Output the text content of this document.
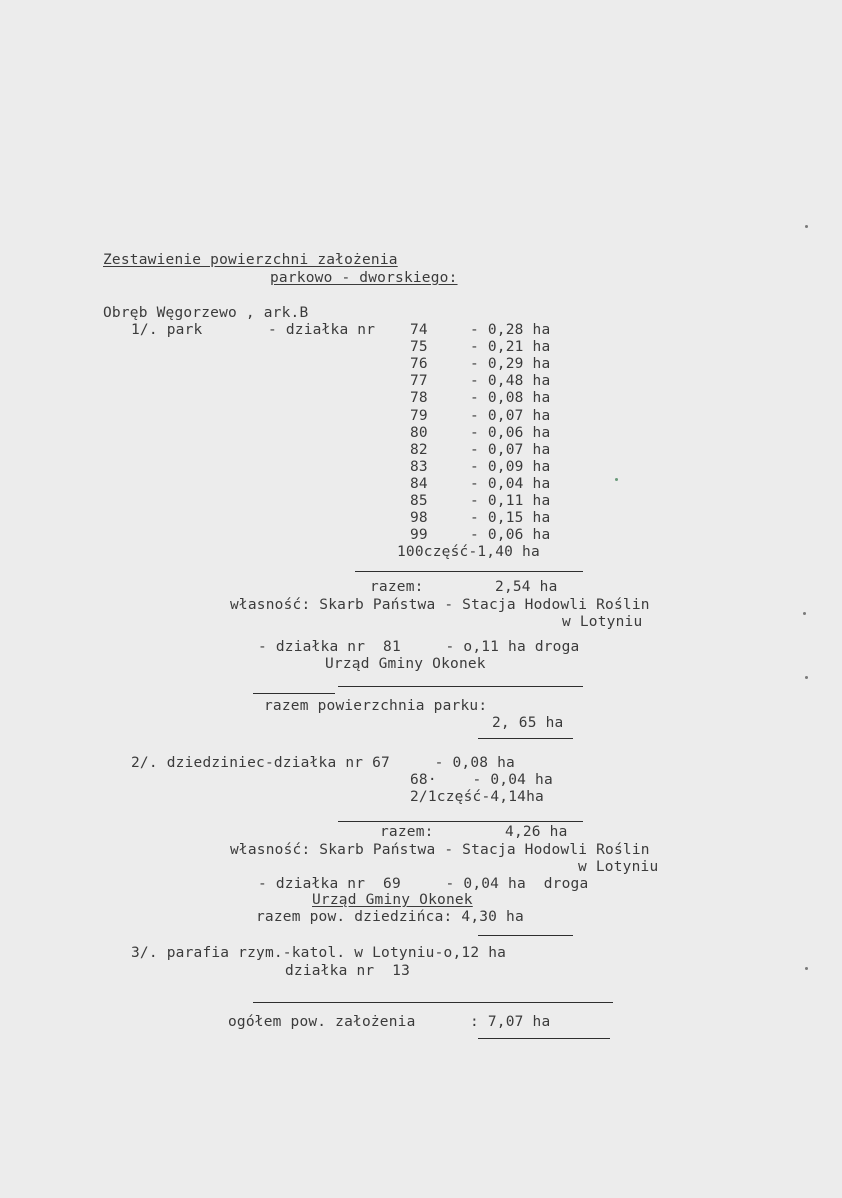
Zestawienie powierzchni założenia
parkowo - dworskiego:
Obręb Węgorzewo , ark.B
1/. park	- działka nr 74	- 0,28 ha
75	- 0,21 ha
76	- 0,29 ha
77	- 0,48 ha
78	- 0,08 ha
79	- 0,07 ha
80	- 0,06 ha
82	- 0,07 ha
83	- 0,09 ha
84	- 0,04 ha
85	- 0,11 ha
98	- 0,15 ha
99	- 0,06 ha
100część-1,40 ha
razem:        2,54 ha
własność: Skarb Państwa - Stacja Hodowli Roślin
w Lotyniu
- działka nr  81     - o,11 ha droga
Urząd Gminy Okonek
razem powierzchnia parku:
2, 65 ha
2/. dziedziniec-działka nr 67     - 0,08 ha
68·    - 0,04 ha
2/1część-4,14ha
razem:        4,26 ha
własność: Skarb Państwa - Stacja Hodowli Roślin
w Lotyniu
- działka nr  69     - 0,04 ha  droga
Urząd Gminy Okonek
razem pow. dziedzińca: 4,30 ha
3/. parafia rzym.-katol. w Lotyniu-o,12 ha
działka nr  13
ogółem pow. założenia	: 7,07 ha
